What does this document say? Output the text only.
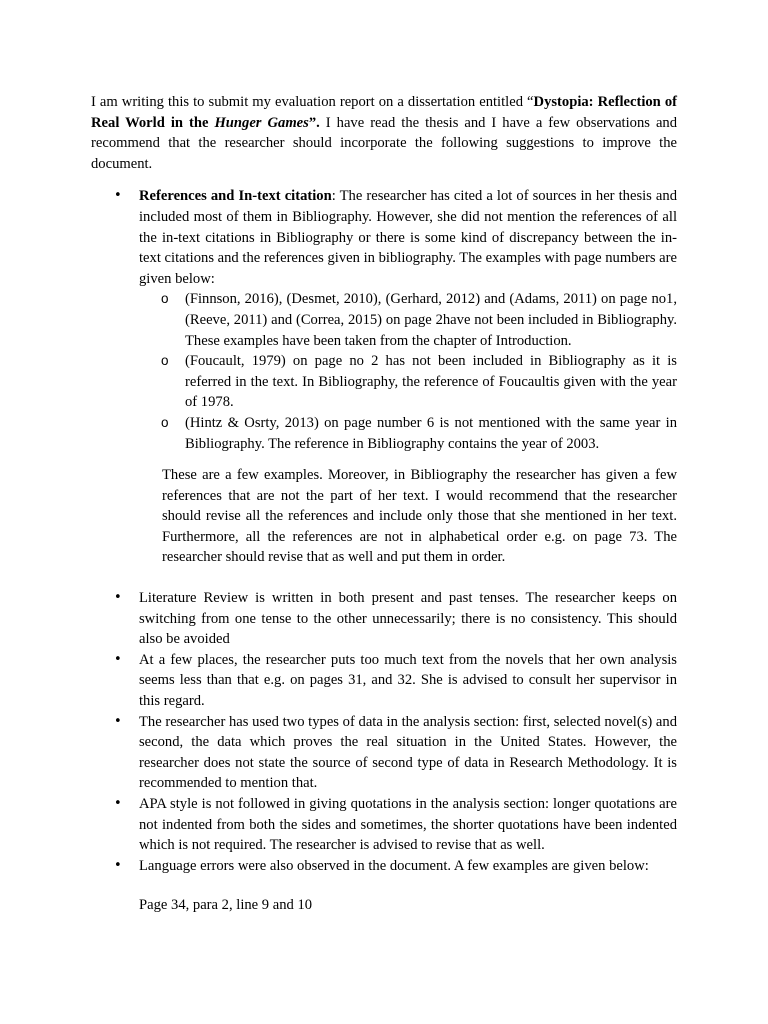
I am writing this to submit my evaluation report on a dissertation entitled “Dystopia: Reflection of Real World in the Hunger Games”. I have read the thesis and I have a few observations and recommend that the researcher should incorporate the following suggestions to improve the document.

• References and In-text citation: The researcher has cited a lot of sources in her thesis and included most of them in Bibliography. However, she did not mention the references of all the in-text citations in Bibliography or there is some kind of discrepancy between the in-text citations and the references given in bibliography. The examples with page numbers are given below:
o (Finnson, 2016), (Desmet, 2010), (Gerhard, 2012) and (Adams, 2011) on page no1, (Reeve, 2011) and (Correa, 2015) on page 2have not been included in Bibliography. These examples have been taken from the chapter of Introduction.
o (Foucault, 1979) on page no 2 has not been included in Bibliography as it is referred in the text. In Bibliography, the reference of Foucaultis given with the year of 1978.
o (Hintz & Osrty, 2013) on page number 6 is not mentioned with the same year in Bibliography. The reference in Bibliography contains the year of 2003.

These are a few examples. Moreover, in Bibliography the researcher has given a few references that are not the part of her text. I would recommend that the researcher should revise all the references and include only those that she mentioned in her text. Furthermore, all the references are not in alphabetical order e.g. on page 73. The researcher should revise that as well and put them in order.

• Literature Review is written in both present and past tenses. The researcher keeps on switching from one tense to the other unnecessarily; there is no consistency. This should also be avoided
• At a few places, the researcher puts too much text from the novels that her own analysis seems less than that e.g. on pages 31, and 32. She is advised to consult her supervisor in this regard.
• The researcher has used two types of data in the analysis section: first, selected novel(s) and second, the data which proves the real situation in the United States. However, the researcher does not state the source of second type of data in Research Methodology. It is recommended to mention that.
• APA style is not followed in giving quotations in the analysis section: longer quotations are not indented from both the sides and sometimes, the shorter quotations have been indented which is not required. The researcher is advised to revise that as well.
• Language errors were also observed in the document. A few examples are given below:

Page 34, para 2, line 9 and 10
